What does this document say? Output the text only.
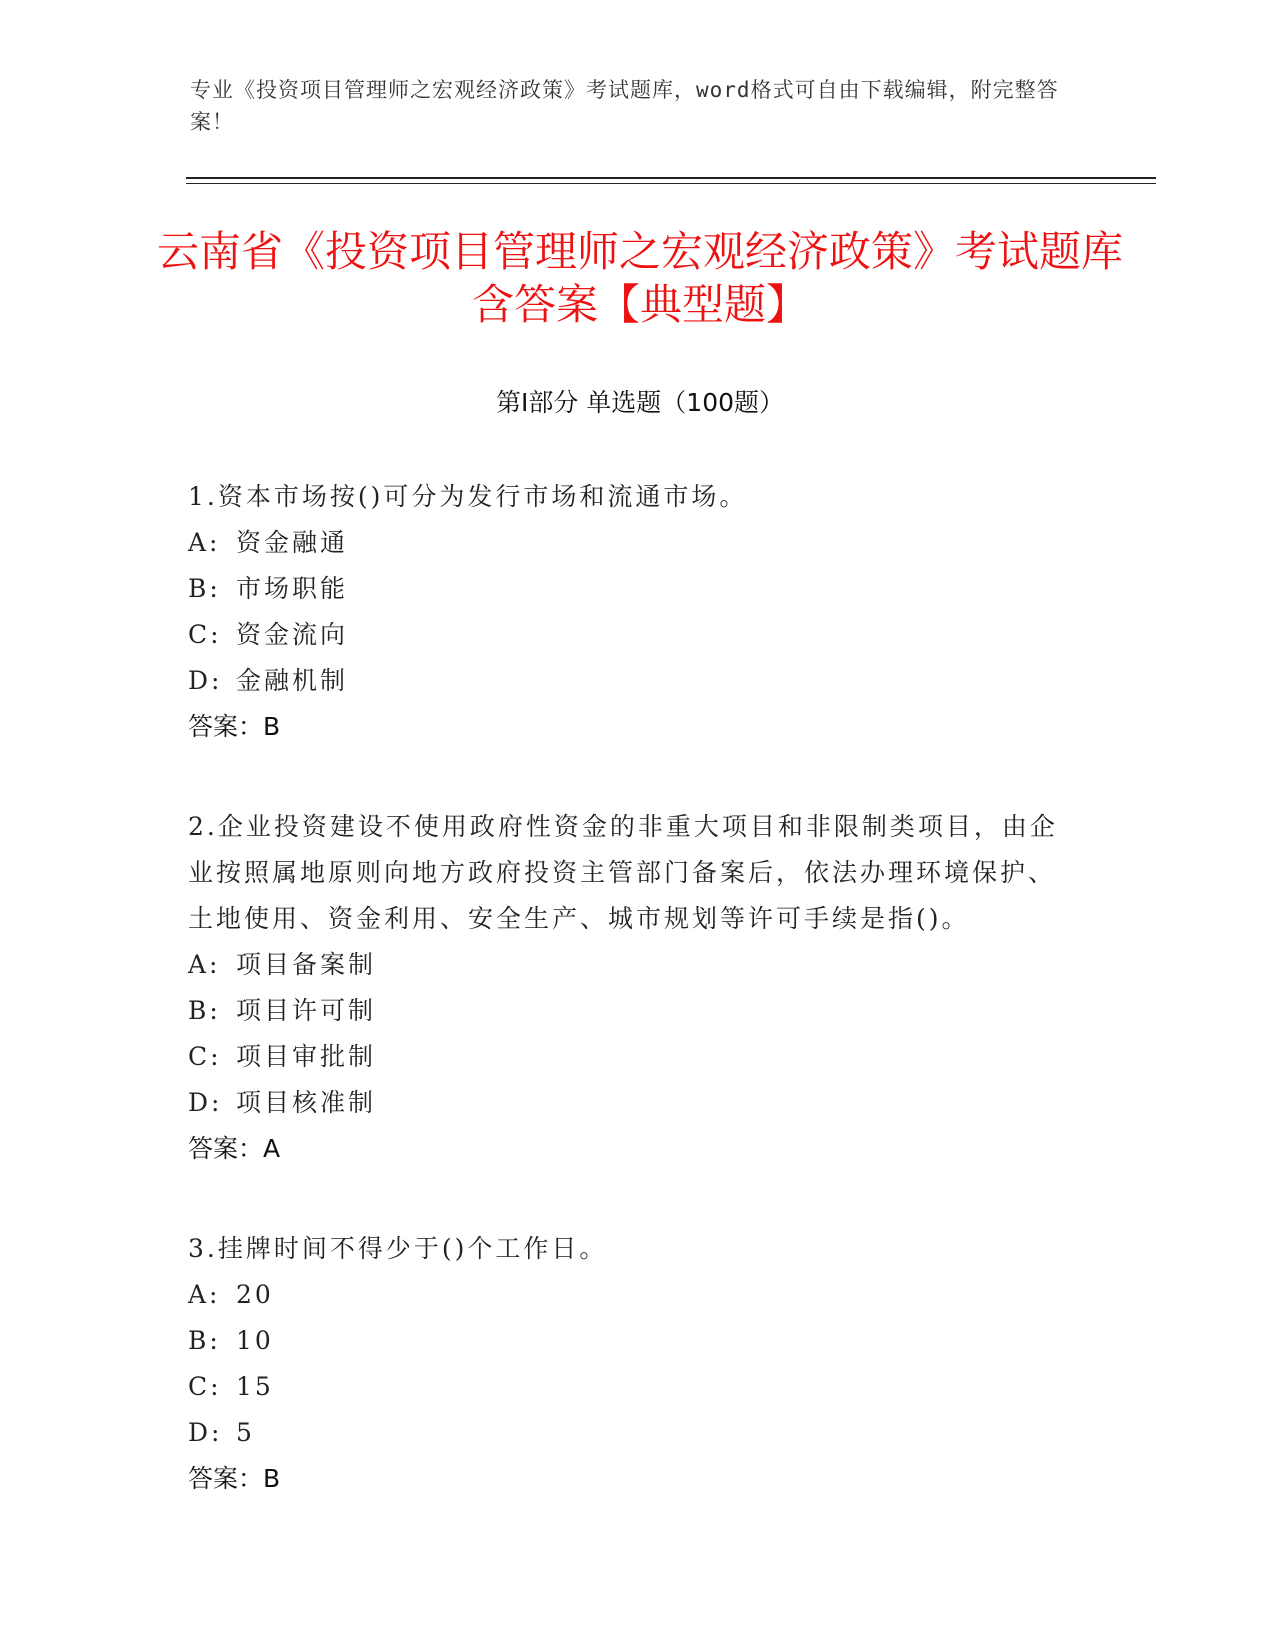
专业《投资项目管理师之宏观经济政策》考试题库，word格式可自由下载编辑，附完整答案！
云南省《投资项目管理师之宏观经济政策》考试题库含答案【典型题】
第Ⅰ部分 单选题（100题）
1.资本市场按()可分为发行市场和流通市场。
A: 资金融通
B: 市场职能
C: 资金流向
D: 金融机制
答案：B
2.企业投资建设不使用政府性资金的非重大项目和非限制类项目，由企业按照属地原则向地方政府投资主管部门备案后，依法办理环境保护、土地使用、资金利用、安全生产、城市规划等许可手续是指()。
A: 项目备案制
B: 项目许可制
C: 项目审批制
D: 项目核准制
答案：A
3.挂牌时间不得少于()个工作日。
A: 20
B: 10
C: 15
D: 5
答案：B
